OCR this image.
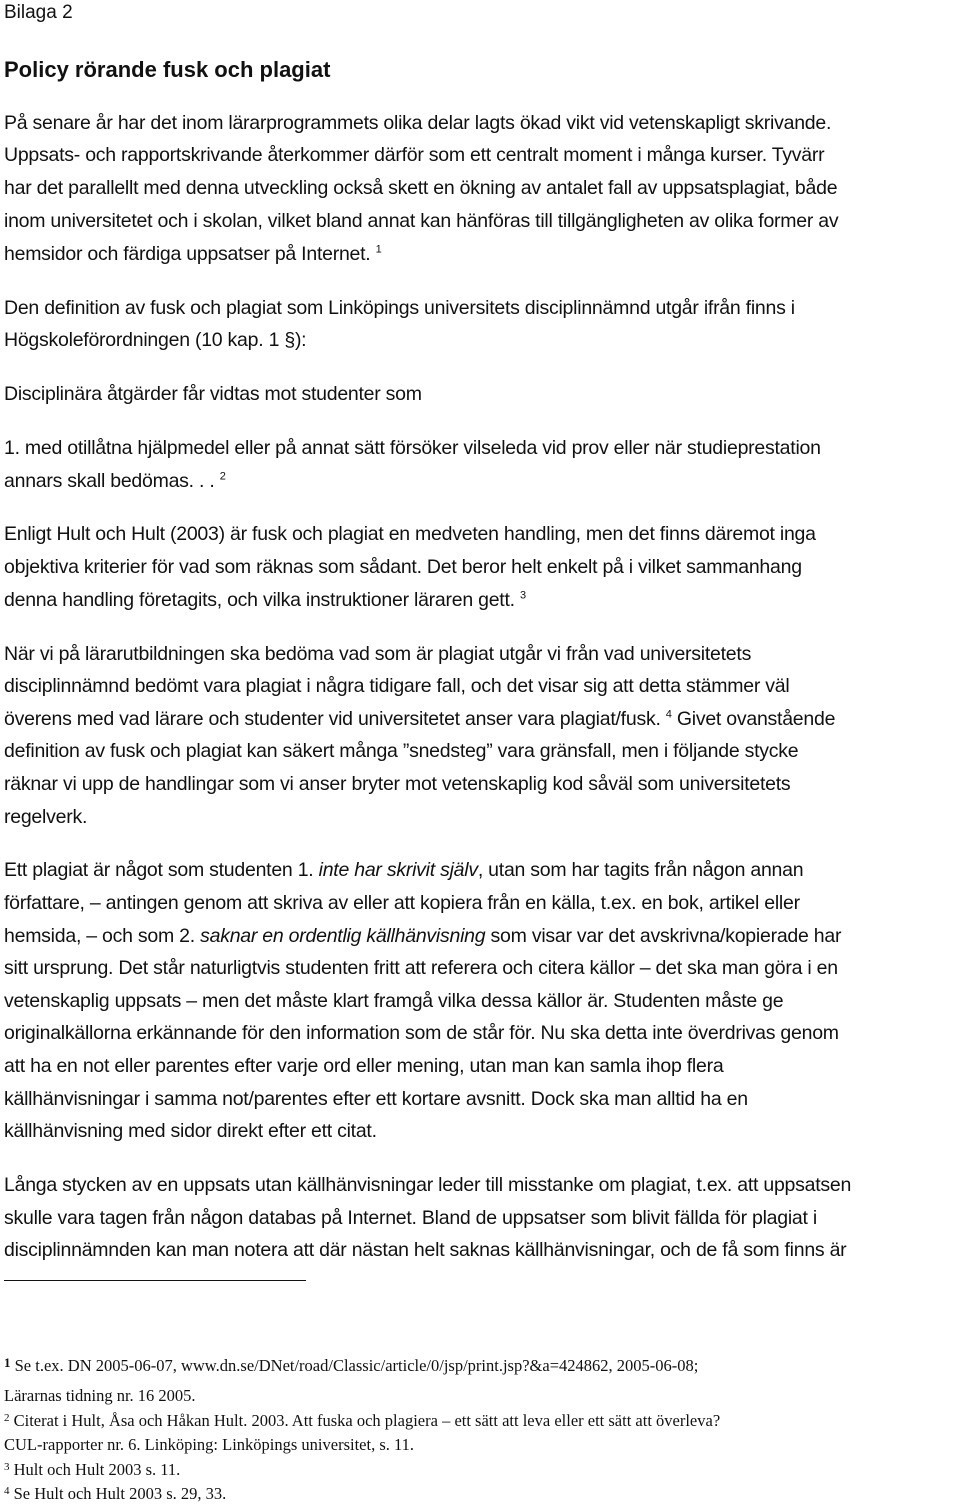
Bilaga 2

Policy rörande fusk och plagiat

På senare år har det inom lärarprogrammets olika delar lagts ökad vikt vid vetenskapligt skrivande.

Uppsats- och rapportskrivande återkommer därför som ett centralt moment i många kurser. Tyvärr

har det parallellt med denna utveckling också skett en ökning av antalet fall av uppsatsplagiat, både

inom universitetet och i skolan, vilket bland annat kan hänföras till tillgängligheten av olika former av

hemsidor och färdiga uppsatser på Internet. $^1$

Den definition av fusk och plagiat som Linköpings universitets disciplinnämnd utgår ifrån finns i

Högskoleförordningen (10 kap. 1 §):

Disciplinära åtgärder får vidtas mot studenter som

1. med otillåtna hjälpmedel eller på annat sätt försöker vilseleda vid prov eller när studieprestation

annars skall bedömas. . . $^2$

Enligt Hult och Hult (2003) är fusk och plagiat en medveten handling, men det finns däremot inga

objektiva kriterier för vad som räknas som sådant. Det beror helt enkelt på i vilket sammanhang

denna handling företagits, och vilka instruktioner läraren gett. $^3$

När vi på lärarutbildningen ska bedöma vad som är plagiat utgår vi från vad universitetets

disciplinnämnd bedömt vara plagiat i några tidigare fall, och det visar sig att detta stämmer väl

överens med vad lärare och studenter vid universitetet anser vara plagiat/fusk. $^4$ Givet ovanstående

definition av fusk och plagiat kan säkert många ”snedsteg” vara gränsfall, men i följande stycke

räknar vi upp de handlingar som vi anser bryter mot vetenskaplig kod såväl som universitetets

regelverk.

Ett plagiat är något som studenten 1. inte har skrivit själv, utan som har tagits från någon annan

författare, – antingen genom att skriva av eller att kopiera från en källa, t.ex. en bok, artikel eller

hemsida, – och som 2. saknar en ordentlig källhänvisning som visar var det avskrivna/kopierade har

sitt ursprung. Det står naturligtvis studenten fritt att referera och citera källor – det ska man göra i en

vetenskaplig uppsats – men det måste klart framgå vilka dessa källor är. Studenten måste ge

originalkällorna erkännande för den information som de står för. Nu ska detta inte överdrivas genom

att ha en not eller parentes efter varje ord eller mening, utan man kan samla ihop flera

källhänvisningar i samma not/parentes efter ett kortare avsnitt. Dock ska man alltid ha en

källhänvisning med sidor direkt efter ett citat.

Långa stycken av en uppsats utan källhänvisningar leder till misstanke om plagiat, t.ex. att uppsatsen

skulle vara tagen från någon databas på Internet. Bland de uppsatser som blivit fällda för plagiat i

disciplinnämnden kan man notera att där nästan helt saknas källhänvisningar, och de få som finns är

$^1$ Se t.ex. DN 2005-06-07, www.dn.se/DNet/road/Classic/article/0/jsp/print.jsp?&a=424862, 2005-06-08;

Lärarnas tidning nr. 16 2005.

$^2$ Citerat i Hult, Åsa och Håkan Hult. 2003. Att fuska och plagiera – ett sätt att leva eller ett sätt att överleva?

CUL-rapporter nr. 6. Linköping: Linköpings universitet, s. 11.

$^3$ Hult och Hult 2003 s. 11.

$^4$ Se Hult och Hult 2003 s. 29, 33.
